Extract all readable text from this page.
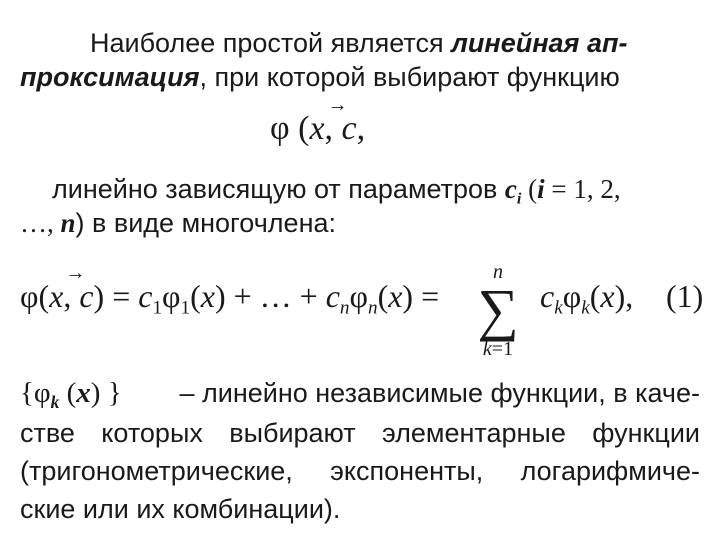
Наиболее простой является линейная ап-
проксимация, при которой выбирают функцию
φ (x,
→
c,
линейно зависящую от параметров $c_i$ (i = 1, 2,
…, n) в виде многочлена:
φ(x,
→
$c) = c_1\varphi_1(x)$ + … + $c_n\varphi_n(x)$ =
n
∑
k=1
$c_k\varphi_k(x)$, (1)
{$\varphi_k$ (x) } – линейно независимые функции, в каче-
стве которых выбирают элементарные функции
(тригонометрические, экспоненты, логарифмиче-
ские или их комбинации).
